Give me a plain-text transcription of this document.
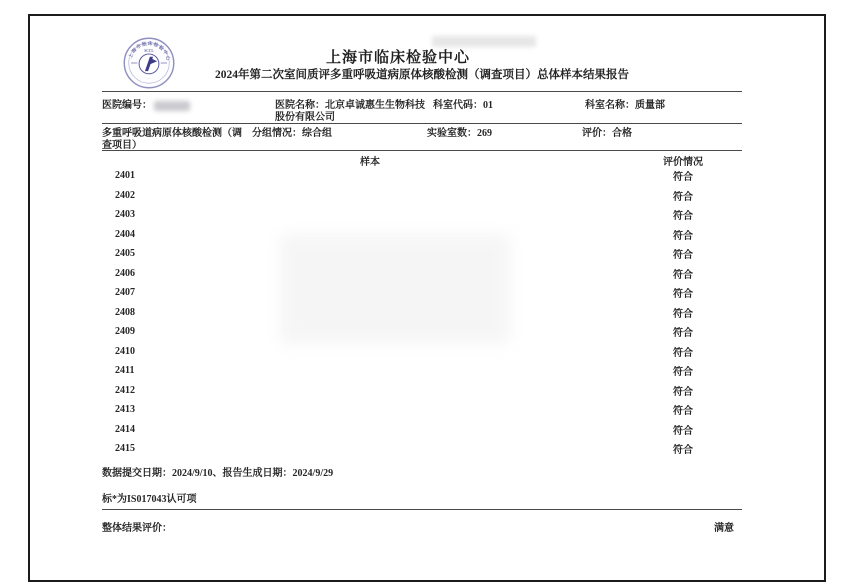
上海市临床检验中心
SCCL
····
上海市临床检验中心
2024年第二次室间质评多重呼吸道病原体核酸检测（调查项目）总体样本结果报告
医院编号：	医院名称：北京卓诚惠生生物科技股份有限公司
科室代码：01	科室名称：质量部
多重呼吸道病原体核酸检测（调查项目）
分组情况：综合组	实验室数：269	评价：合格
样本	评价情况
2401	符合
2402	符合
2403	符合
2404	符合
2405	符合
2406	符合
2407	符合
2408	符合
2409	符合
2410	符合
2411	符合
2412	符合
2413	符合
2414	符合
2415	符合
数据提交日期：2024/9/10、报告生成日期：2024/9/29
标*为IS017043认可项
整体结果评价：	满意
